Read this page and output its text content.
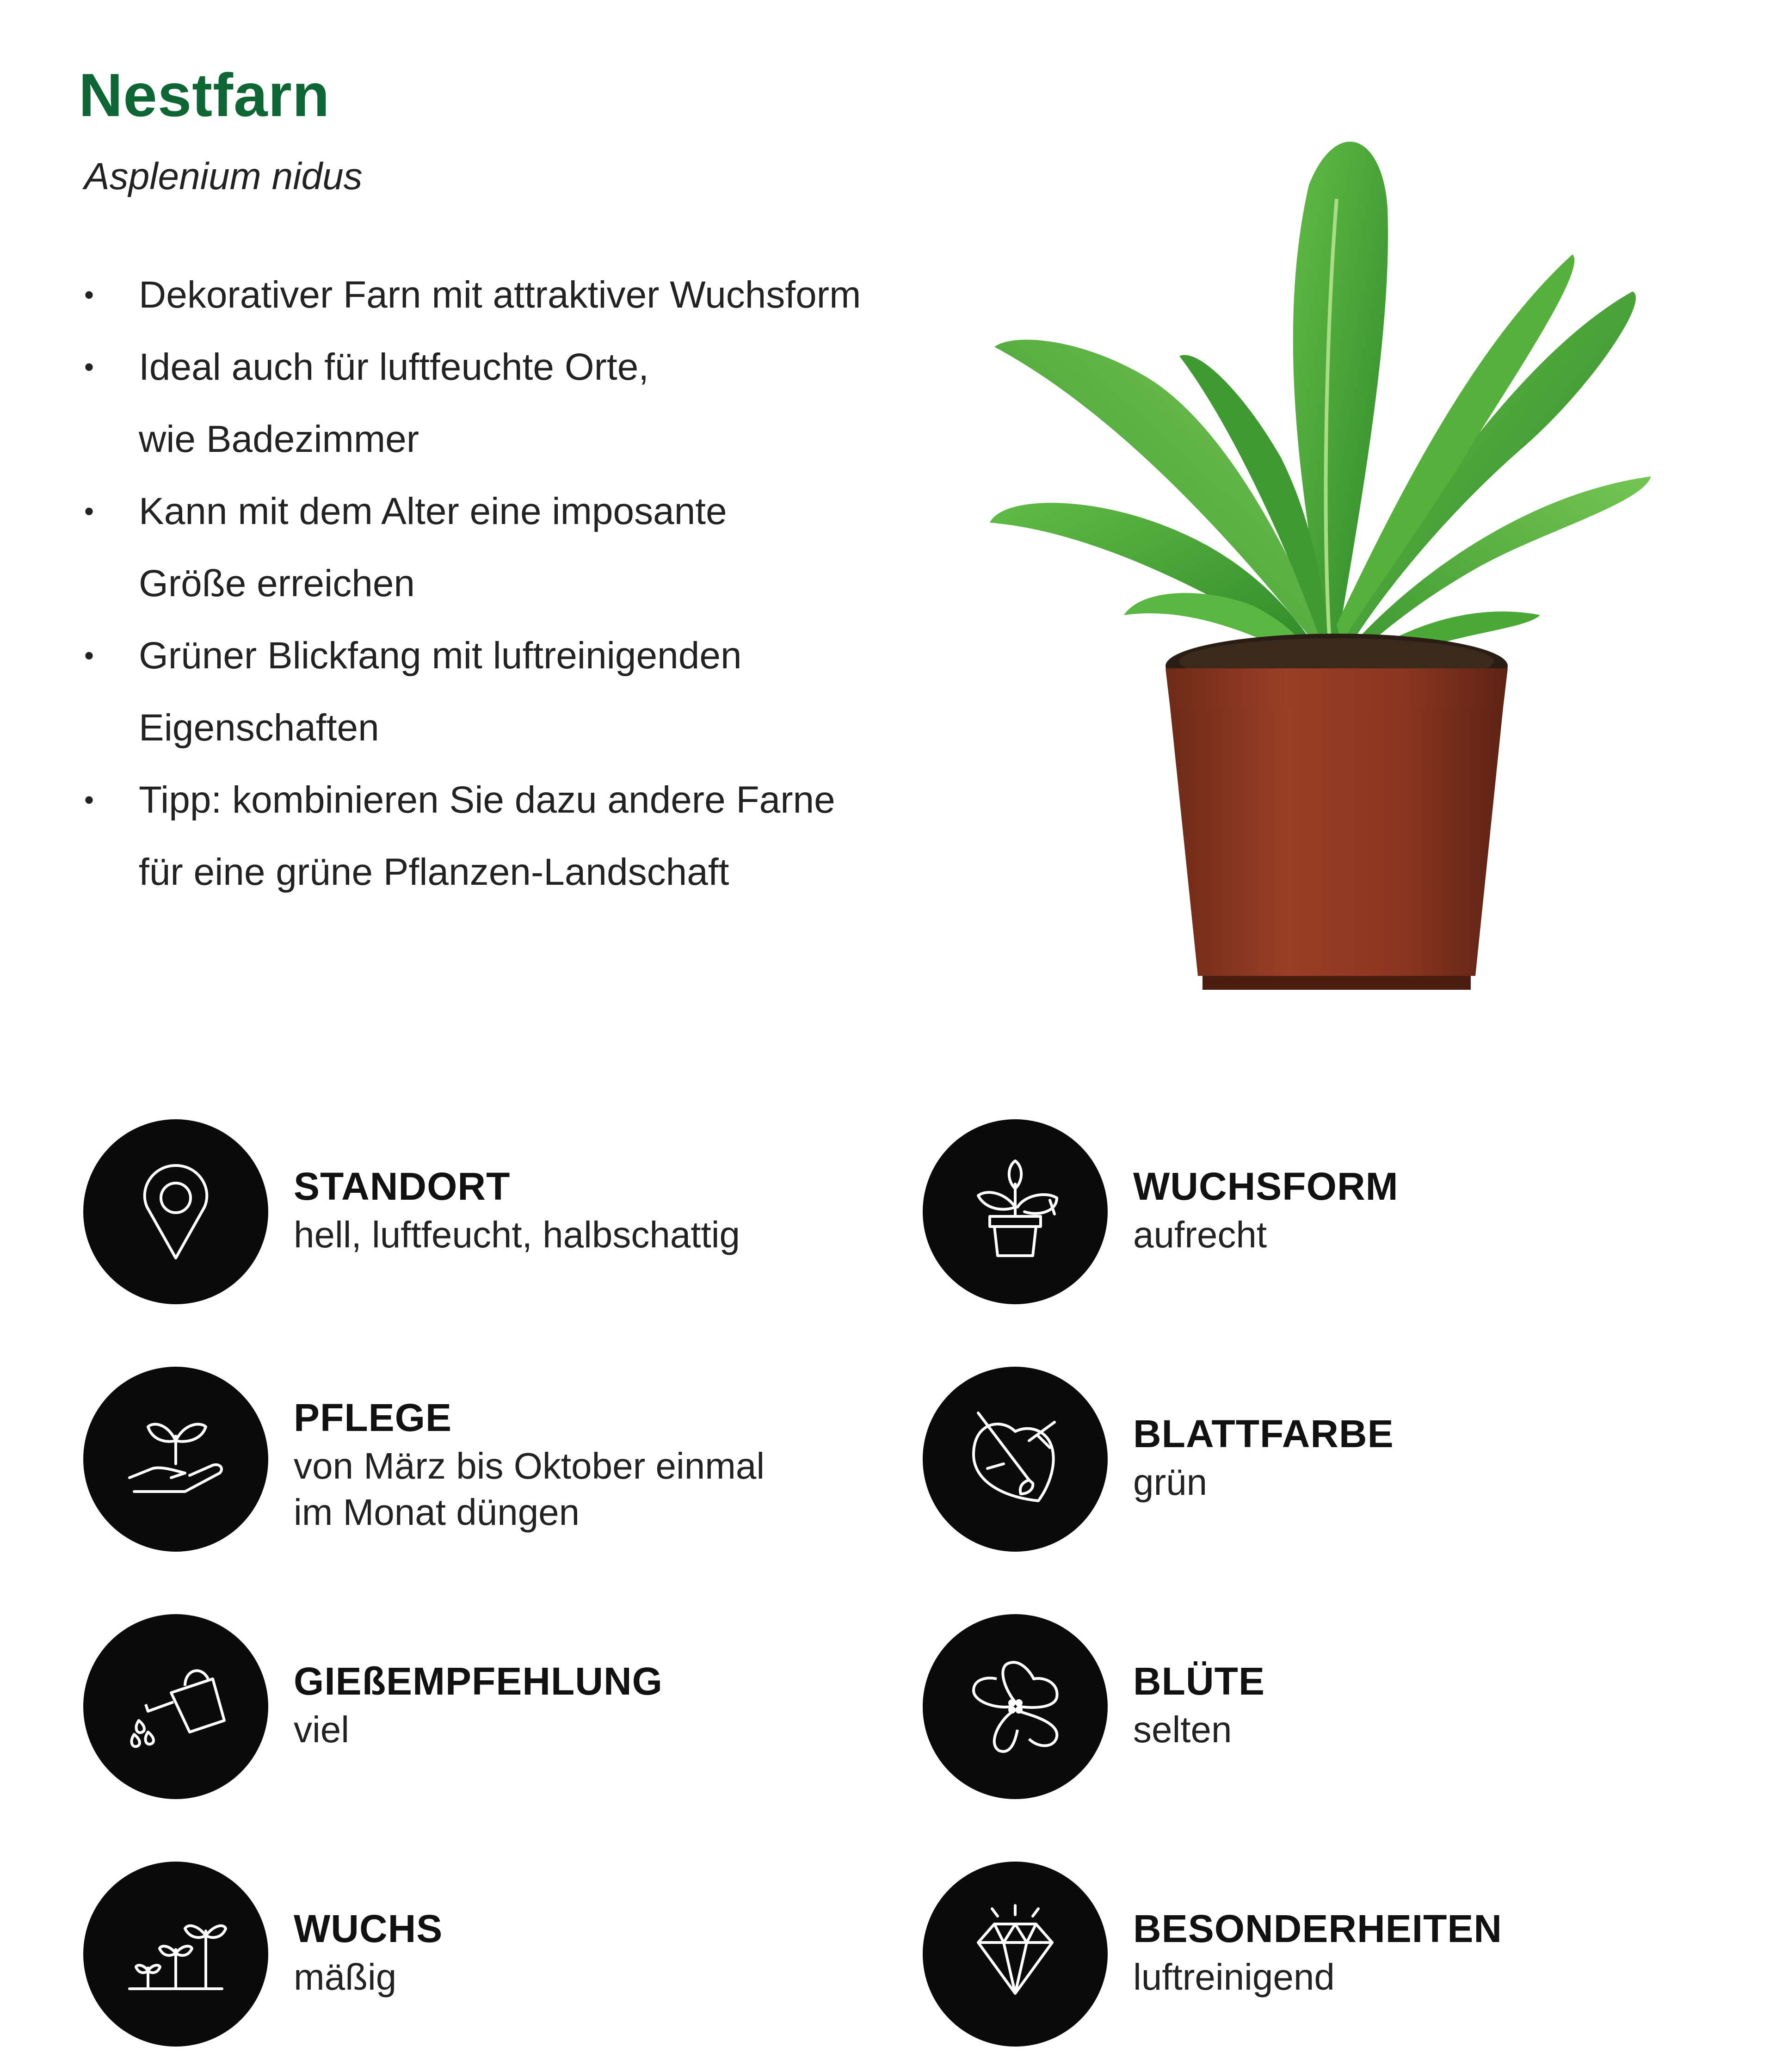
Nestfarn

Asplenium nidus

• Dekorativer Farn mit attraktiver Wuchsform
• Ideal auch für luftfeuchte Orte,
wie Badezimmer
• Kann mit dem Alter eine imposante
Größe erreichen
• Grüner Blickfang mit luftreinigenden
Eigenschaften
• Tipp: kombinieren Sie dazu andere Farne
für eine grüne Pflanzen-Landschaft
STANDORT
hell, luftfeucht, halbschattig
PFLEGE
von März bis Oktober einmal
im Monat düngen
GIEßEMPFEHLUNG
viel
WUCHS
mäßig
WUCHSFORM
aufrecht
BLATTFARBE
grün
BLÜTE
selten
BESONDERHEITEN
luftreinigend
